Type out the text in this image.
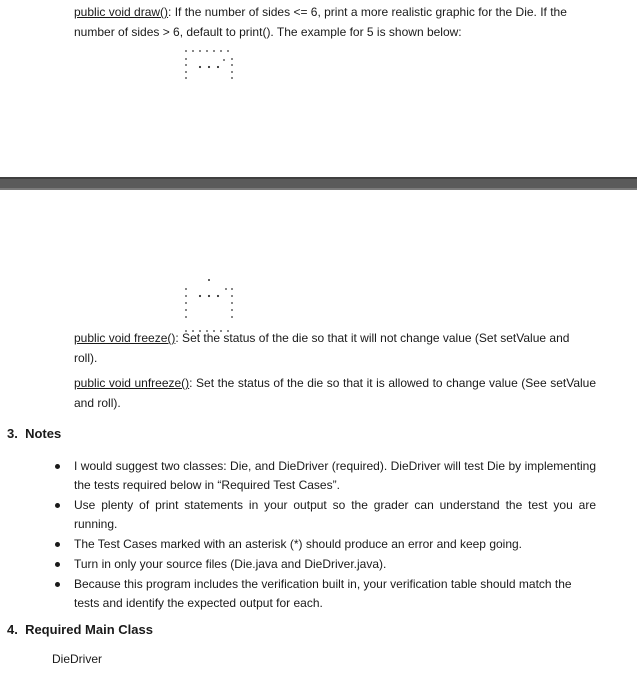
public void draw(): If the number of sides <= 6, print a more realistic graphic for the Die. If the
number of sides > 6, default to print(). The example for 5 is shown below:
public void freeze(): Set the status of the die so that it will not change value (Set setValue and roll).
public void unfreeze(): Set the status of the die so that it is allowed to change value (See setValue and roll).
3.  Notes
I would suggest two classes: Die, and DieDriver (required). DieDriver will test Die by implementing the tests required below in “Required Test Cases”.
Use plenty of print statements in your output so the grader can understand the test you are running.
The Test Cases marked with an asterisk (*) should produce an error and keep going.
Turn in only your source files (Die.java and DieDriver.java).
Because this program includes the verification built in, your verification table should match the tests and identify the expected output for each.
4.  Required Main Class
DieDriver
